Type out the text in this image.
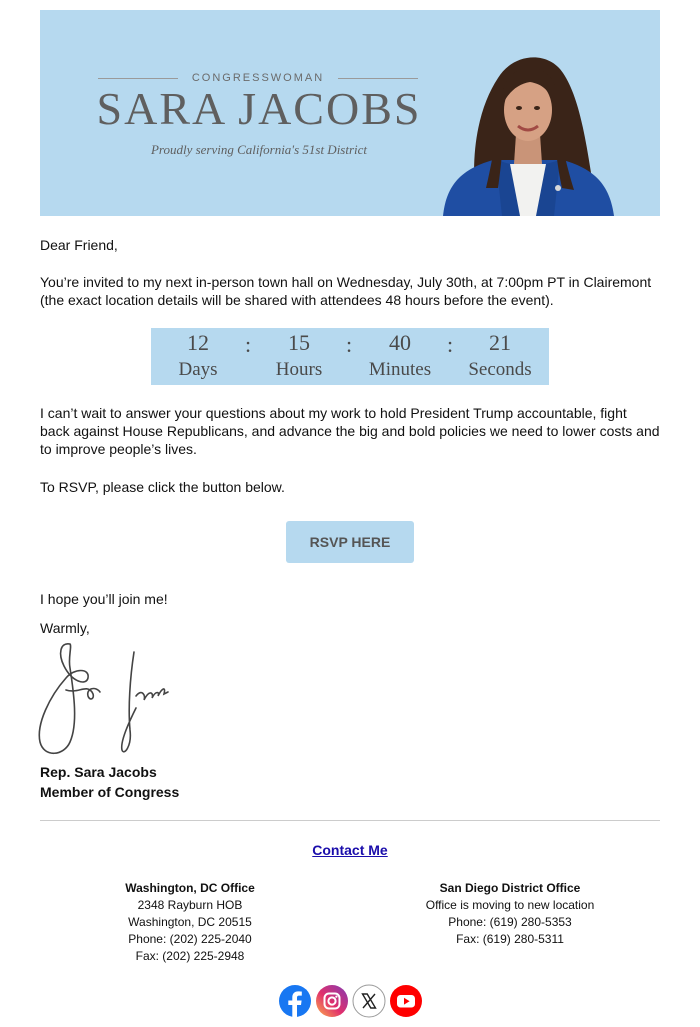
CONGRESSWOMAN
SARA JACOBS
Proudly serving California's 51st District

Dear Friend,

You’re invited to my next in-person town hall on Wednesday, July 30th, at 7:00pm PT in Clairemont (the exact location details will be shared with attendees 48 hours before the event).

12
Days
:	15
Hours
:	40
Minutes
:	21
Seconds

I can’t wait to answer your questions about my work to hold President Trump accountable, fight back against House Republicans, and advance the big and bold policies we need to lower costs and to improve people’s lives.

To RSVP, please click the button below.

RSVP HERE

I hope you’ll join me!

Warmly,

Rep. Sara Jacobs
Member of Congress
Contact Me
Washington, DC Office
2348 Rayburn HOB
Washington, DC 20515
Phone: (202) 225-2040
Fax: (202) 225-2948
San Diego District Office
Office is moving to new location
Phone: (619) 280-5353
Fax: (619) 280-5311
